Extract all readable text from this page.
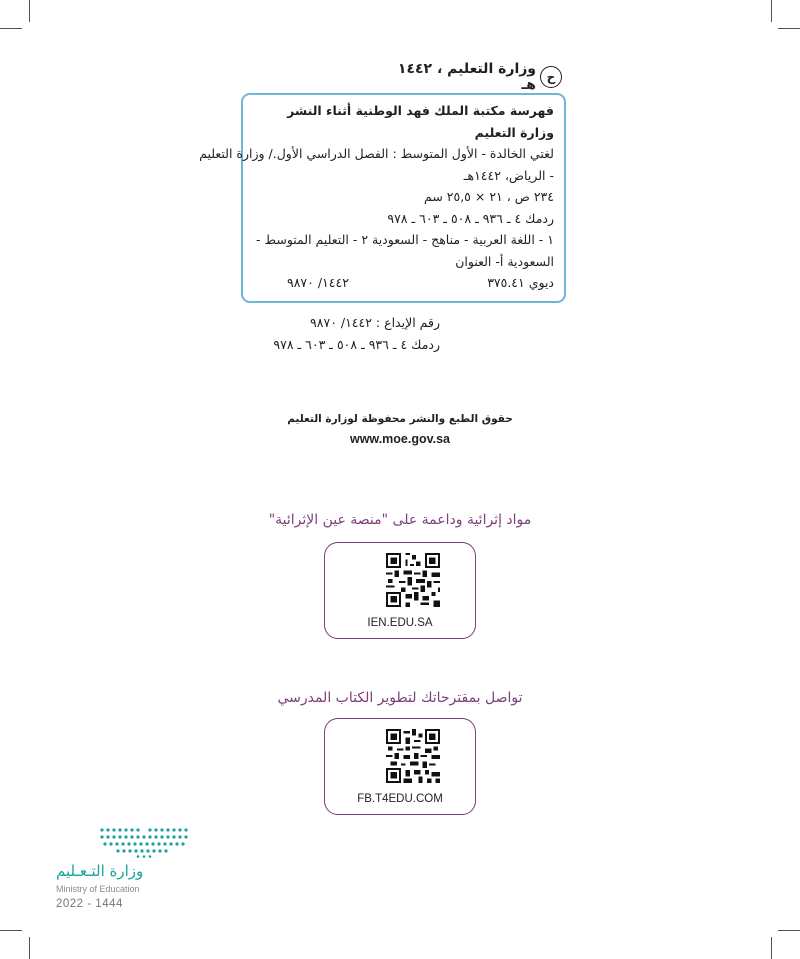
ح
وزارة التعليم ، ١٤٤٢ هـ
فهرسة مكتبة الملك فهد الوطنية أثناء النشر
وزارة التعليم
لغتي الخالدة - الأول المتوسط : الفصل الدراسي الأول./ وزارة التعليم
- الرياض، ١٤٤٢هـ
٢٣٤ ص ، ٢١ × ٢٥,٥ سم
ردمك ٤ ـ ٩٣٦ ـ ٥٠٨ ـ ٦٠٣ ـ ٩٧٨
١ - اللغة العربية - مناهج - السعودية ٢ - التعليم المتوسط -
السعودية أ- العنوان
ديوي ٣٧٥.٤١
١٤٤٢/ ٩٨٧٠
رقم الإيداع : ١٤٤٢/ ٩٨٧٠
ردمك ٤ ـ ٩٣٦ ـ ٥٠٨ ـ ٦٠٣ ـ ٩٧٨
حقوق الطبع والنشر محفوظة لوزارة التعليم
www.moe.gov.sa
مواد إثرائية وداعمة على "منصة عين الإثرائية"
IEN.EDU.SA
تواصل بمقترحاتك لتطوير الكتاب المدرسي
FB.T4EDU.COM
وزارة التـعـليم
Ministry of Education
2022 - 1444
